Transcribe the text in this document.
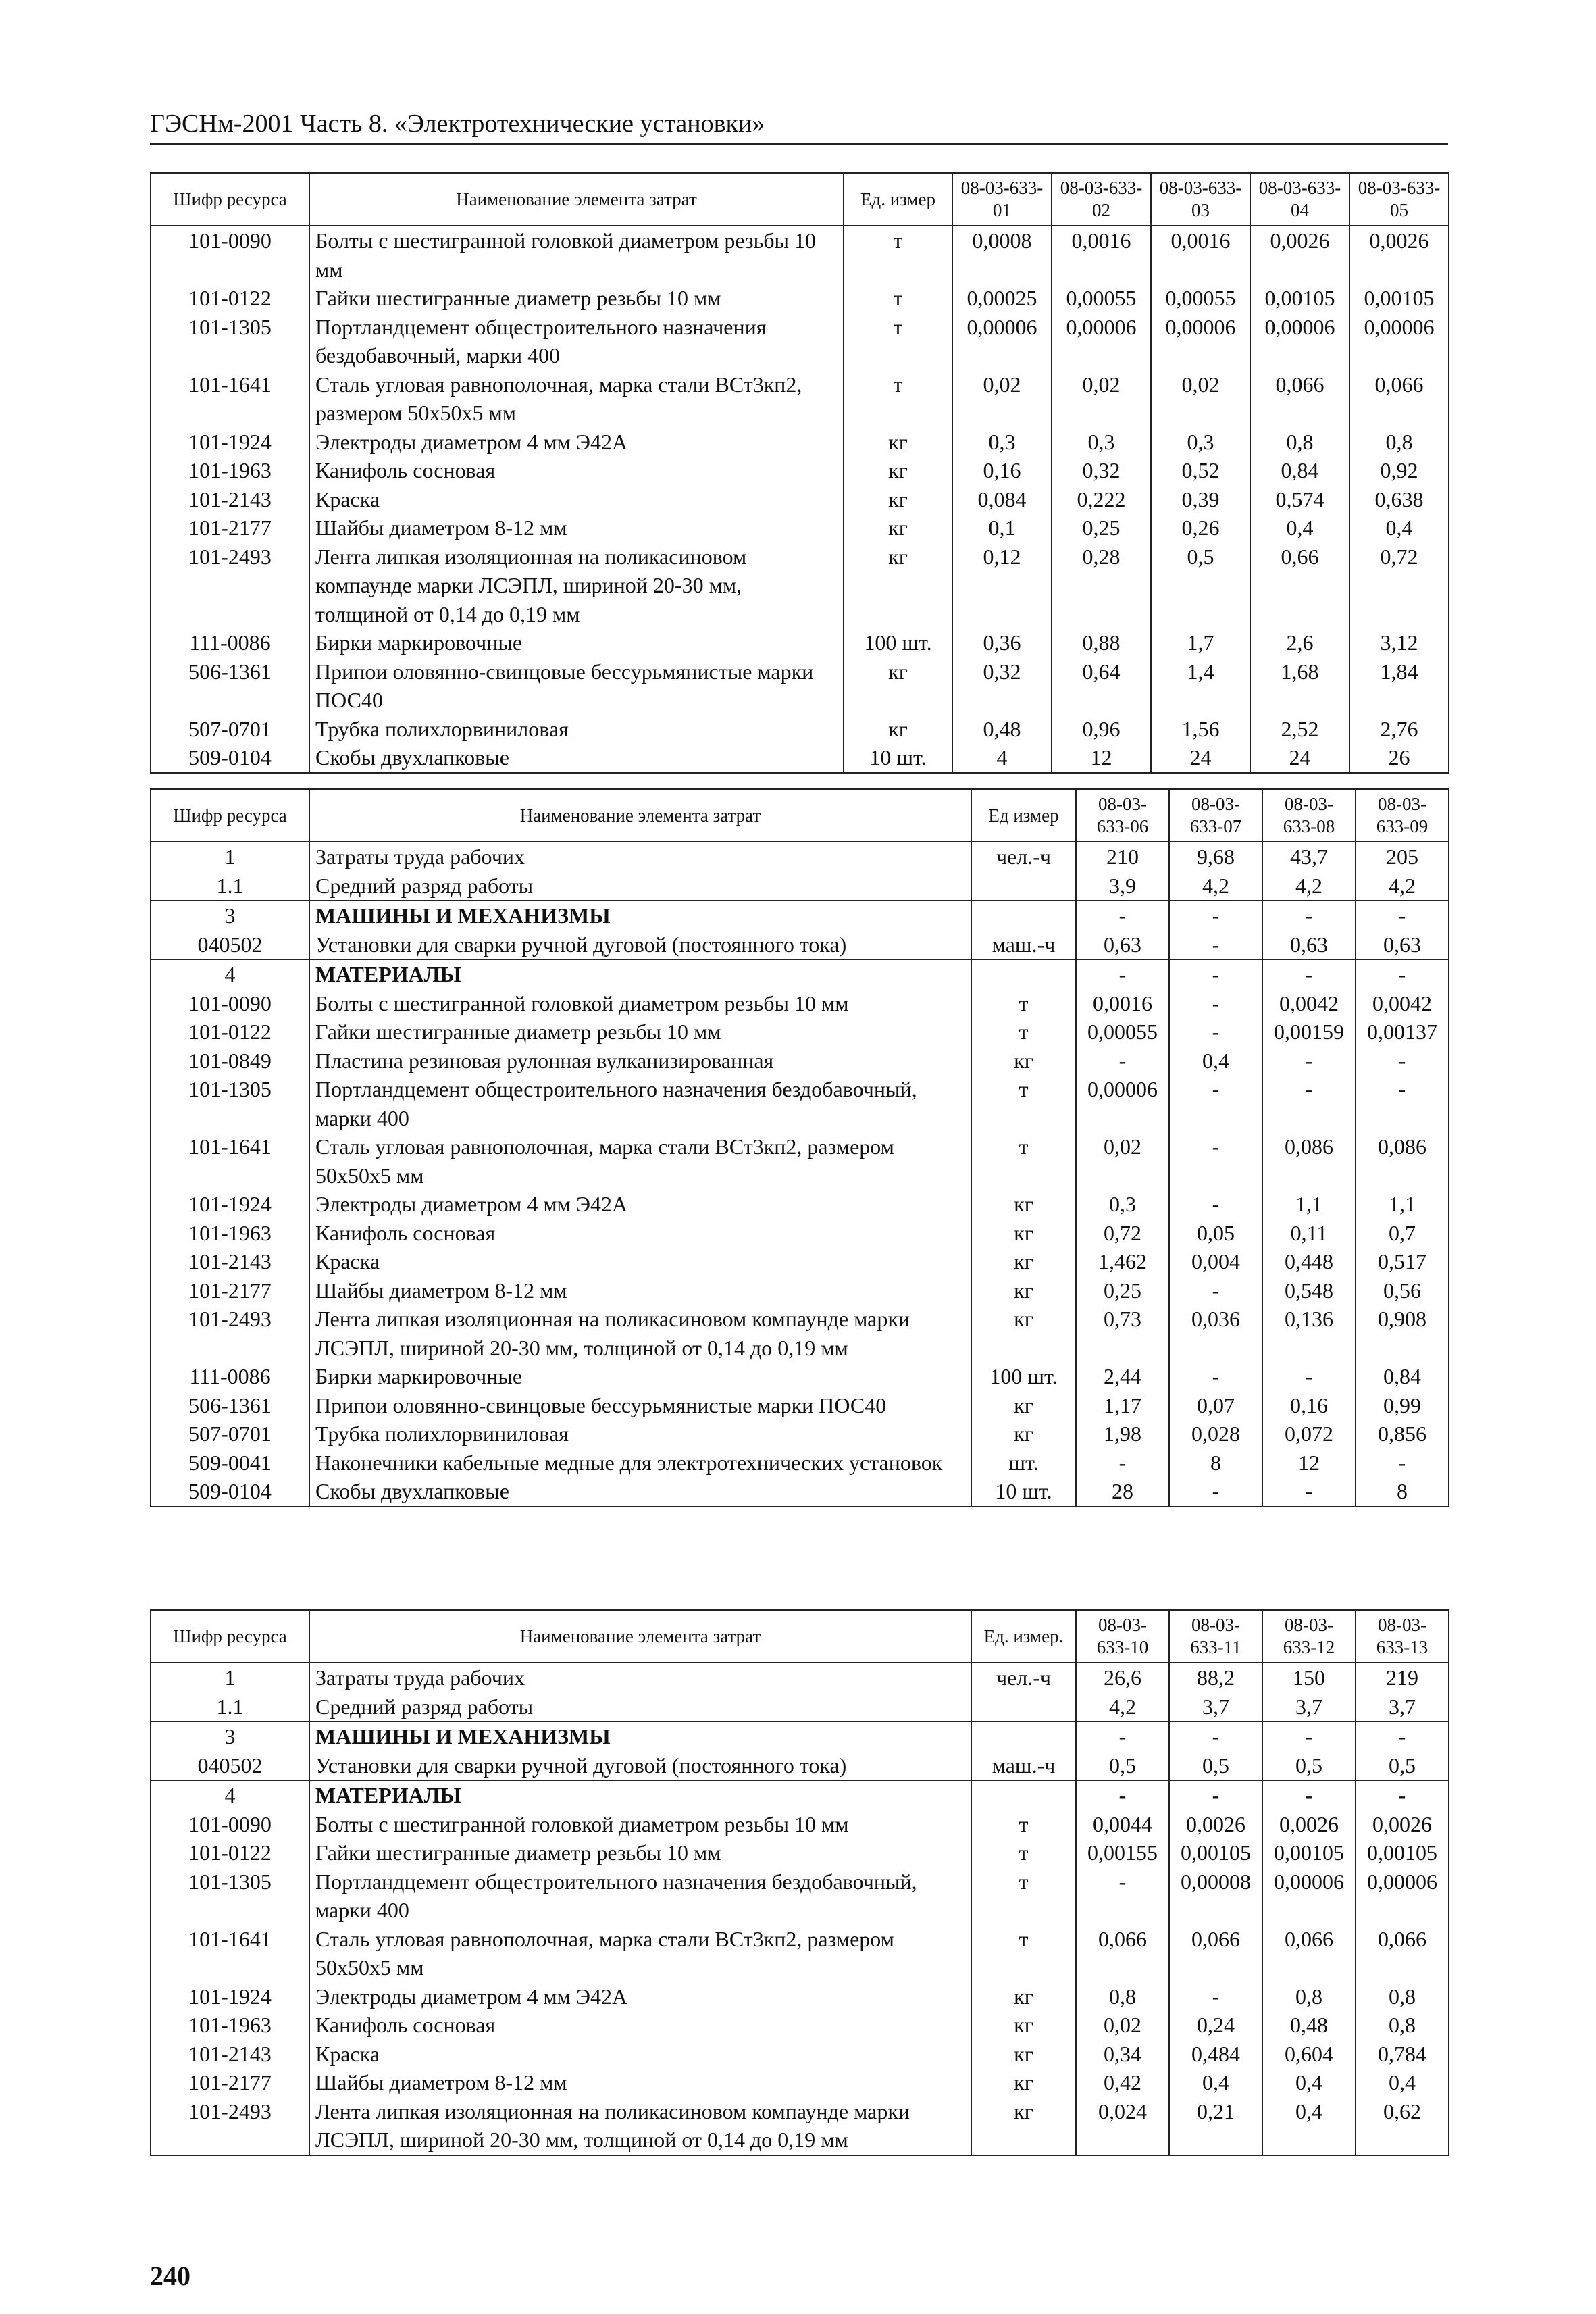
ГЭСНм-2001 Часть 8. «Электротехнические установки»
Шифр ресурса	Наименование элемента затрат	Ед. измер	08-03-633-01	08-03-633-02	08-03-633-03	08-03-633-04	08-03-633-05
101-0090	Болты с шестигранной головкой диаметром резьбы 10 мм	т	0,0008	0,0016	0,0016	0,0026	0,0026
101-0122	Гайки шестигранные диаметр резьбы 10 мм	т	0,00025	0,00055	0,00055	0,00105	0,00105
101-1305	Портландцемент общестроительного назначения бездобавочный, марки 400	т	0,00006	0,00006	0,00006	0,00006	0,00006
101-1641	Сталь угловая равнополочная, марка стали ВСт3кп2, размером 50х50х5 мм	т	0,02	0,02	0,02	0,066	0,066
101-1924	Электроды диаметром 4 мм Э42А	кг	0,3	0,3	0,3	0,8	0,8
101-1963	Канифоль сосновая	кг	0,16	0,32	0,52	0,84	0,92
101-2143	Краска	кг	0,084	0,222	0,39	0,574	0,638
101-2177	Шайбы диаметром 8-12 мм	кг	0,1	0,25	0,26	0,4	0,4
101-2493	Лента липкая изоляционная на поликасиновом компаунде марки ЛСЭПЛ, шириной 20-30 мм, толщиной от 0,14 до 0,19 мм	кг	0,12	0,28	0,5	0,66	0,72
111-0086	Бирки маркировочные	100 шт.	0,36	0,88	1,7	2,6	3,12
506-1361	Припои оловянно-свинцовые бессурьмянистые марки ПОС40	кг	0,32	0,64	1,4	1,68	1,84
507-0701	Трубка полихлорвиниловая	кг	0,48	0,96	1,56	2,52	2,76
509-0104	Скобы двухлапковые	10 шт.	4	12	24	24	26
Шифр ресурса	Наименование элемента затрат	Ед измер	08-03-633-06	08-03-633-07	08-03-633-08	08-03-633-09
1	Затраты труда рабочих	чел.-ч	210	9,68	43,7	205
1.1	Средний разряд работы		3,9	4,2	4,2	4,2
3	МАШИНЫ И МЕХАНИЗМЫ		-	-	-	-
040502	Установки для сварки ручной дуговой (постоянного тока)	маш.-ч	0,63	-	0,63	0,63
4	МАТЕРИАЛЫ		-	-	-	-
101-0090	Болты с шестигранной головкой диаметром резьбы 10 мм	т	0,0016	-	0,0042	0,0042
101-0122	Гайки шестигранные диаметр резьбы 10 мм	т	0,00055	-	0,00159	0,00137
101-0849	Пластина резиновая рулонная вулканизированная	кг	-	0,4	-	-
101-1305	Портландцемент общестроительного назначения бездобавочный, марки 400	т	0,00006	-	-	-
101-1641	Сталь угловая равнополочная, марка стали ВСт3кп2, размером 50х50х5 мм	т	0,02	-	0,086	0,086
101-1924	Электроды диаметром 4 мм Э42А	кг	0,3	-	1,1	1,1
101-1963	Канифоль сосновая	кг	0,72	0,05	0,11	0,7
101-2143	Краска	кг	1,462	0,004	0,448	0,517
101-2177	Шайбы диаметром 8-12 мм	кг	0,25	-	0,548	0,56
101-2493	Лента липкая изоляционная на поликасиновом компаунде марки ЛСЭПЛ, шириной 20-30 мм, толщиной от 0,14 до 0,19 мм	кг	0,73	0,036	0,136	0,908
111-0086	Бирки маркировочные	100 шт.	2,44	-	-	0,84
506-1361	Припои оловянно-свинцовые бессурьмянистые марки ПОС40	кг	1,17	0,07	0,16	0,99
507-0701	Трубка полихлорвиниловая	кг	1,98	0,028	0,072	0,856
509-0041	Наконечники кабельные медные для электротехнических установок	шт.	-	8	12	-
509-0104	Скобы двухлапковые	10 шт.	28	-	-	8
Шифр ресурса	Наименование элемента затрат	Ед. измер.	08-03-633-10	08-03-633-11	08-03-633-12	08-03-633-13
1	Затраты труда рабочих	чел.-ч	26,6	88,2	150	219
1.1	Средний разряд работы		4,2	3,7	3,7	3,7
3	МАШИНЫ И МЕХАНИЗМЫ		-	-	-	-
040502	Установки для сварки ручной дуговой (постоянного тока)	маш.-ч	0,5	0,5	0,5	0,5
4	МАТЕРИАЛЫ		-	-	-	-
101-0090	Болты с шестигранной головкой диаметром резьбы 10 мм	т	0,0044	0,0026	0,0026	0,0026
101-0122	Гайки шестигранные диаметр резьбы 10 мм	т	0,00155	0,00105	0,00105	0,00105
101-1305	Портландцемент общестроительного назначения бездобавочный, марки 400	т	-	0,00008	0,00006	0,00006
101-1641	Сталь угловая равнополочная, марка стали ВСт3кп2, размером 50х50х5 мм	т	0,066	0,066	0,066	0,066
101-1924	Электроды диаметром 4 мм Э42А	кг	0,8	-	0,8	0,8
101-1963	Канифоль сосновая	кг	0,02	0,24	0,48	0,8
101-2143	Краска	кг	0,34	0,484	0,604	0,784
101-2177	Шайбы диаметром 8-12 мм	кг	0,42	0,4	0,4	0,4
101-2493	Лента липкая изоляционная на поликасиновом компаунде марки ЛСЭПЛ, шириной 20-30 мм, толщиной от 0,14 до 0,19 мм	кг	0,024	0,21	0,4	0,62
240
